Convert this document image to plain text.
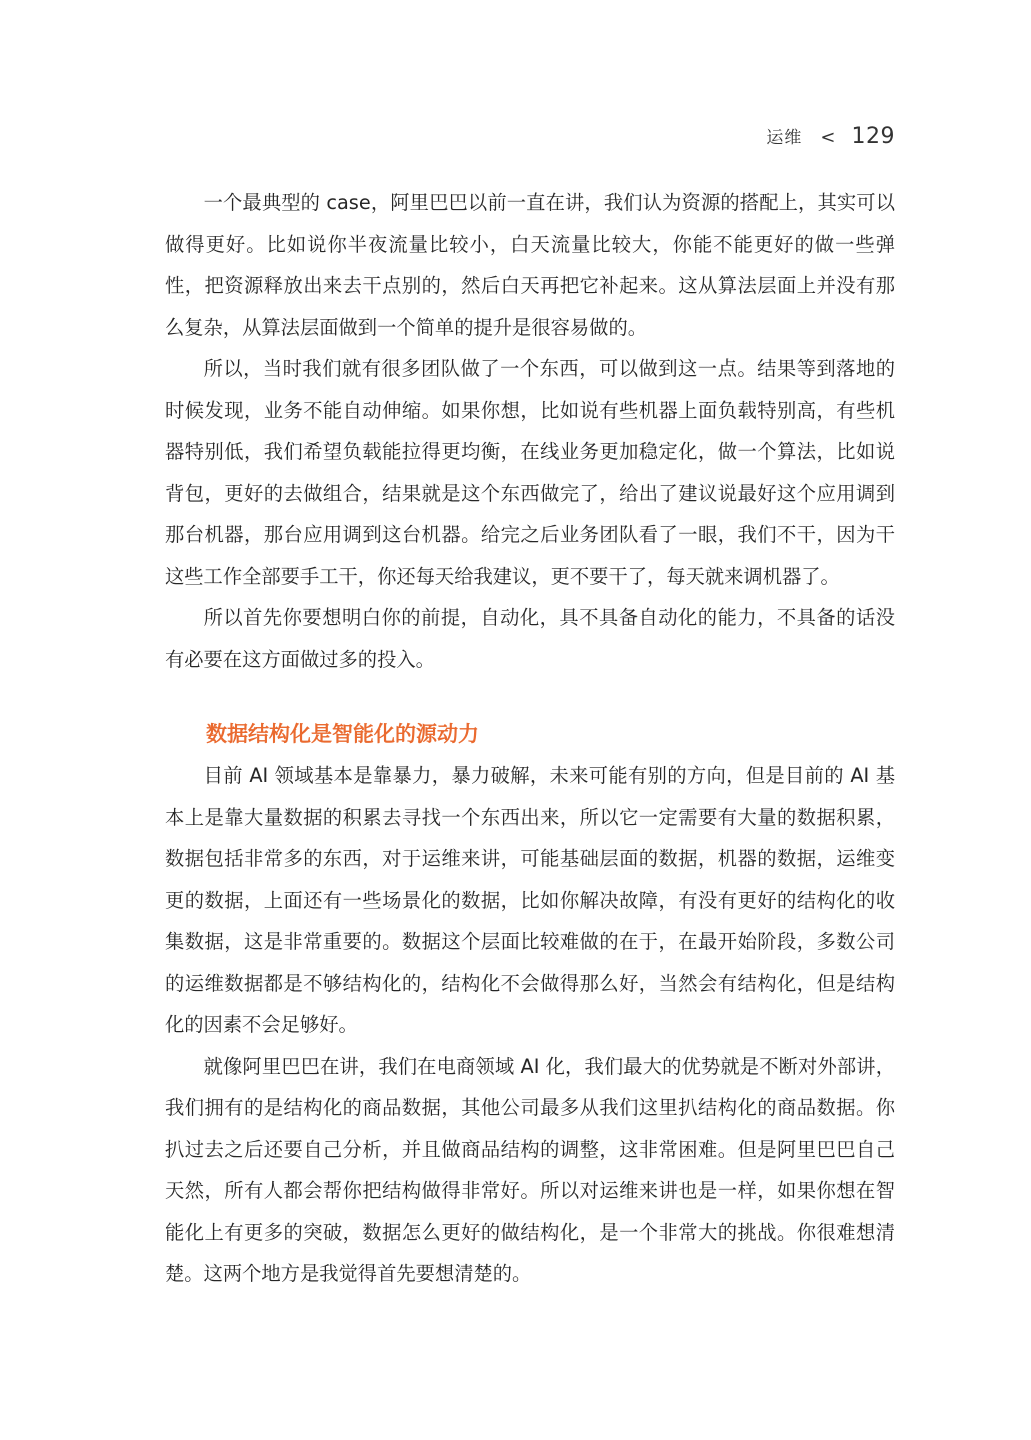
运维 < 129

一个最典型的 case，阿里巴巴以前一直在讲，我们认为资源的搭配上，其实可以做得更好。比如说你半夜流量比较小，白天流量比较大，你能不能更好的做一些弹性，把资源释放出来去干点别的，然后白天再把它补起来。这从算法层面上并没有那么复杂，从算法层面做到一个简单的提升是很容易做的。

所以，当时我们就有很多团队做了一个东西，可以做到这一点。结果等到落地的时候发现，业务不能自动伸缩。如果你想，比如说有些机器上面负载特别高，有些机器特别低，我们希望负载能拉得更均衡，在线业务更加稳定化，做一个算法，比如说背包，更好的去做组合，结果就是这个东西做完了，给出了建议说最好这个应用调到那台机器，那台应用调到这台机器。给完之后业务团队看了一眼，我们不干，因为干这些工作全部要手工干，你还每天给我建议，更不要干了，每天就来调机器了。

所以首先你要想明白你的前提，自动化，具不具备自动化的能力，不具备的话没有必要在这方面做过多的投入。

数据结构化是智能化的源动力

目前 AI 领域基本是靠暴力，暴力破解，未来可能有别的方向，但是目前的 AI 基本上是靠大量数据的积累去寻找一个东西出来，所以它一定需要有大量的数据积累，数据包括非常多的东西，对于运维来讲，可能基础层面的数据，机器的数据，运维变更的数据，上面还有一些场景化的数据，比如你解决故障，有没有更好的结构化的收集数据，这是非常重要的。数据这个层面比较难做的在于，在最开始阶段，多数公司的运维数据都是不够结构化的，结构化不会做得那么好，当然会有结构化，但是结构化的因素不会足够好。

就像阿里巴巴在讲，我们在电商领域 AI 化，我们最大的优势就是不断对外部讲，我们拥有的是结构化的商品数据，其他公司最多从我们这里扒结构化的商品数据。你扒过去之后还要自己分析，并且做商品结构的调整，这非常困难。但是阿里巴巴自己天然，所有人都会帮你把结构做得非常好。所以对运维来讲也是一样，如果你想在智能化上有更多的突破，数据怎么更好的做结构化，是一个非常大的挑战。你很难想清楚。这两个地方是我觉得首先要想清楚的。
